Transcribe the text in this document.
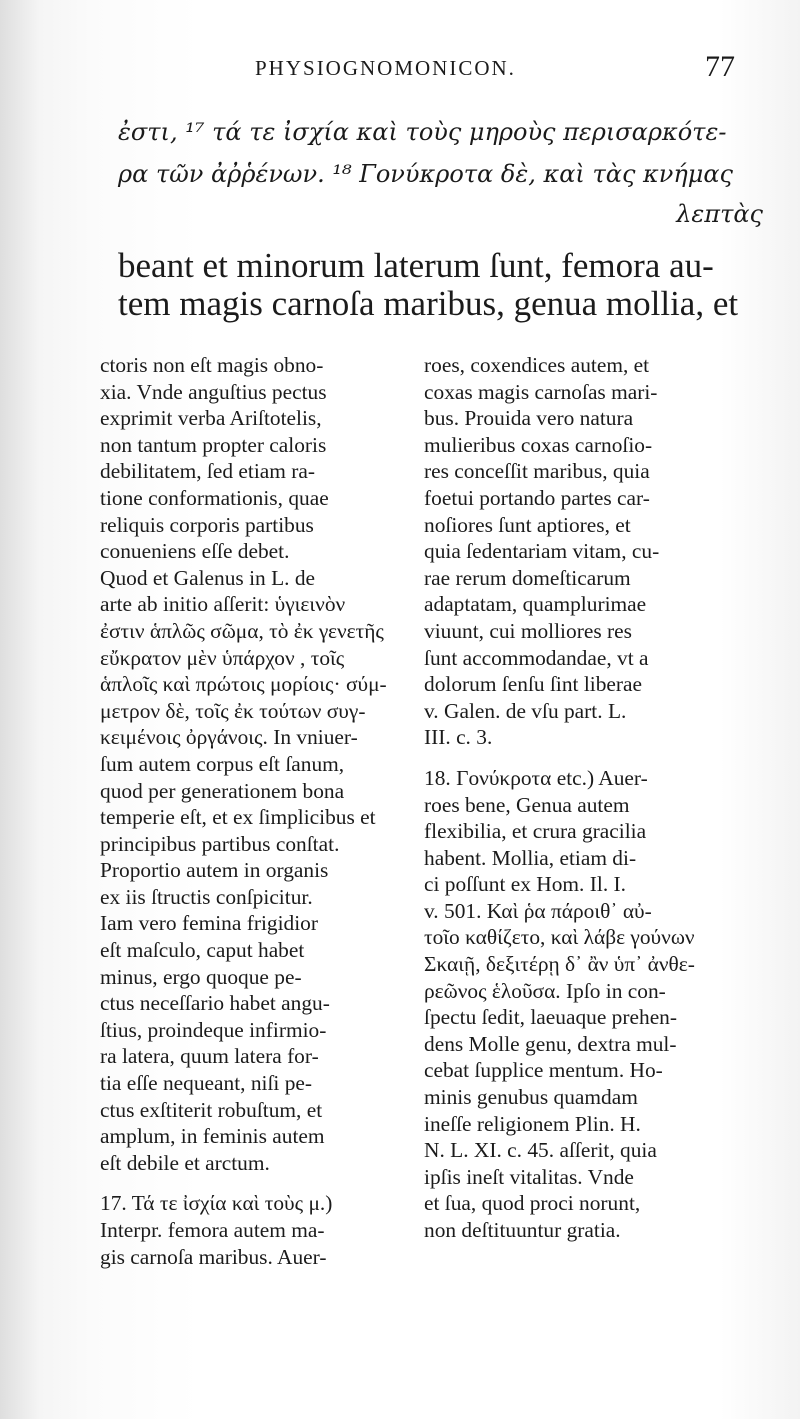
PHYSIOGNOMONICON.	77
ἐστι, ¹⁷ τά τε ἰσχία καὶ τοὺς μηροὺς περισαρκότε-
ρα τῶν ἀῤῥένων. ¹⁸ Γονύκροτα δὲ, καὶ τὰς κνήμας
λεπτὰς
beant et minorum laterum ſunt, femora au-
tem magis carnoſa maribus, genua mollia, et
ctoris non eſt magis obno-
xia. Vnde anguſtius pectus
exprimit verba Ariſtotelis,
non tantum propter caloris
debilitatem, ſed etiam ra-
tione conformationis, quae
reliquis corporis partibus
conueniens eſſe debet.
Quod et Galenus in L. de
arte ab initio aſſerit: ὑγιεινὸν
ἐστιν ἁπλῶς σῶμα, τὸ ἐκ γενετῆς
εὔκρατον μὲν ὑπάρχον , τοῖς
ἁπλοῖς καὶ πρώτοις μορίοις· σύμ-
μετρον δὲ, τοῖς ἐκ τούτων συγ-
κειμένοις ὀργάνοις. In vniuer-
ſum autem corpus eſt ſanum,
quod per generationem bona
temperie eſt, et ex ſimplicibus et
principibus partibus conſtat.
Proportio autem in organis
ex iis ſtructis conſpicitur.
Iam vero femina frigidior
eſt maſculo, caput habet
minus, ergo quoque pe-
ctus neceſſario habet angu-
ſtius, proindeque infirmio-
ra latera, quum latera for-
tia eſſe nequeant, niſi pe-
ctus exſtiterit robuſtum, et
amplum, in feminis autem
eſt debile et arctum.
17. Τά τε ἰσχία καὶ τοὺς μ.)
Interpr. femora autem ma-
gis carnoſa maribus. Auer-
roes, coxendices autem, et
coxas magis carnoſas mari-
bus. Prouida vero natura
mulieribus coxas carnoſio-
res conceſſit maribus, quia
foetui portando partes car-
noſiores ſunt aptiores, et
quia ſedentariam vitam, cu-
rae rerum domeſticarum
adaptatam, quamplurimae
viuunt, cui molliores res
ſunt accommodandae, vt a
dolorum ſenſu ſint liberae
v. Galen. de vſu part. L.
III. c. 3.
18. Γονύκροτα etc.) Auer-
roes bene, Genua autem
flexibilia, et crura gracilia
habent. Mollia, etiam di-
ci poſſunt ex Hom. Il. I.
v. 501. Καὶ ῥα πάροιθ᾽ αὐ-
τοῖο καθίζετο, καὶ λάβε γούνων
Σκαιῇ, δεξιτέρῃ δ᾽ ἂν ὑπ᾽ ἀνθε-
ρεῶνος ἑλοῦσα. Ipſo in con-
ſpectu ſedit, laeuaque prehen-
dens Molle genu, dextra mul-
cebat ſupplice mentum. Ho-
minis genubus quamdam
ineſſe religionem Plin. H.
N. L. XI. c. 45. aſſerit, quia
ipſis ineſt vitalitas. Vnde
et ſua, quod proci norunt,
non deſtituuntur gratia.
